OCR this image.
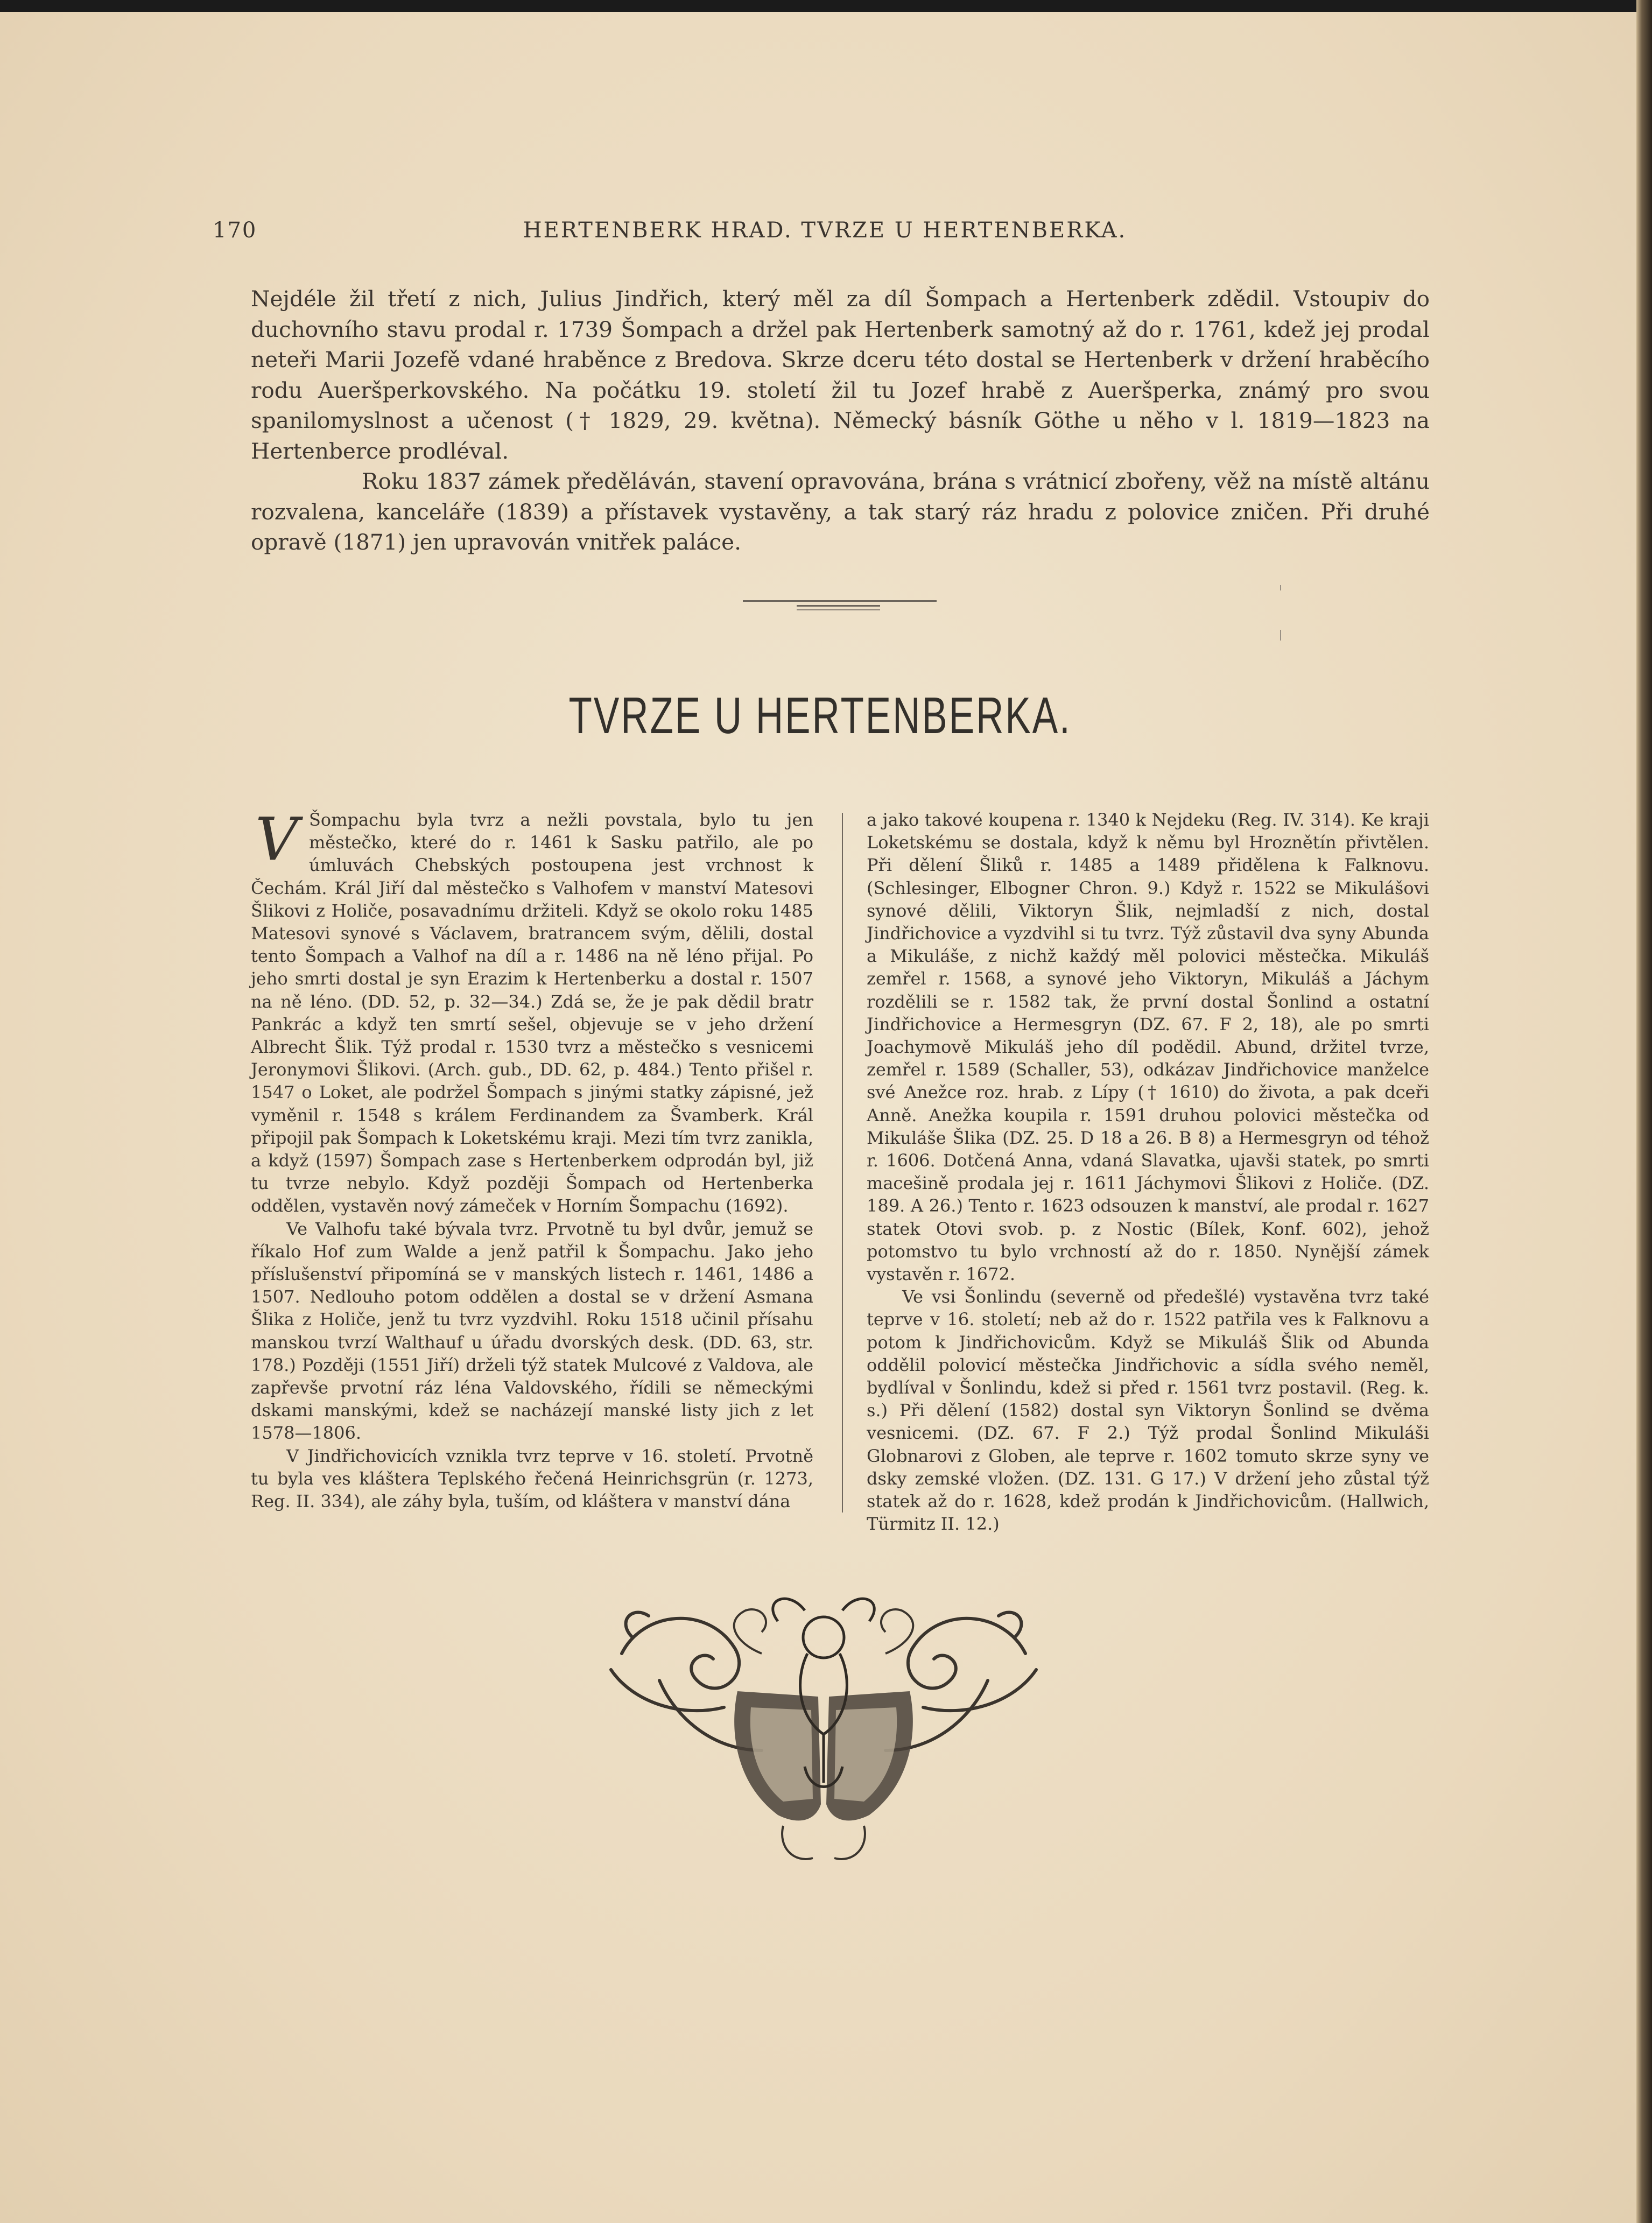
170	HERTENBERK HRAD. TVRZE U HERTENBERKA.

Nejdéle žil třetí z nich, Julius Jindřich, který měl za díl Šompach a Hertenberk zdědil. Vstoupiv do duchovního stavu prodal r. 1739 Šompach a držel pak Hertenberk samotný až do r. 1761, kdež jej prodal neteři Marii Jozefě vdané hraběnce z Bredova. Skrze dceru této dostal se Hertenberk v držení hraběcího rodu Aueršperkovského. Na počátku 19. století žil tu Jozef hrabě z Aueršperka, známý pro svou spanilomyslnost a učenost († 1829, 29. května). Německý básník Göthe u něho v l. 1819—1823 na Hertenberce prodléval.

Roku 1837 zámek předěláván, stavení opravována, brána s vrátnicí zbořeny, věž na místě altánu rozvalena, kanceláře (1839) a přístavek vystavěny, a tak starý ráz hradu z polovice zničen. Při druhé opravě (1871) jen upravován vnitřek paláce.

TVRZE U HERTENBERKA.
V Šompachu byla tvrz a nežli povstala, bylo tu jen městečko, které do r. 1461 k Sasku patřilo, ale po úmluvách Chebských postoupena jest vrchnost k Čechám. Král Jiří dal městečko s Valhofem v manství Matesovi Šlikovi z Holiče, posavadnímu držiteli. Když se okolo roku 1485 Matesovi synové s Václavem, bratrancem svým, dělili, dostal tento Šompach a Valhof na díl a r. 1486 na ně léno přijal. Po jeho smrti dostal je syn Erazim k Hertenberku a dostal r. 1507 na ně léno. (DD. 52, p. 32—34.) Zdá se, že je pak dědil bratr Pankrác a když ten smrtí sešel, objevuje se v jeho držení Albrecht Šlik. Týž prodal r. 1530 tvrz a městečko s vesnicemi Jeronymovi Šlikovi. (Arch. gub., DD. 62, p. 484.) Tento přišel r. 1547 o Loket, ale podržel Šompach s jinými statky zápisné, jež vyměnil r. 1548 s králem Ferdinandem za Švamberk. Král připojil pak Šompach k Loketskému kraji. Mezi tím tvrz zanikla, a když (1597) Šompach zase s Hertenberkem odprodán byl, již tu tvrze nebylo. Když později Šompach od Hertenberka oddělen, vystavěn nový zámeček v Horním Šompachu (1692).

Ve Valhofu také bývala tvrz. Prvotně tu byl dvůr, jemuž se říkalo Hof zum Walde a jenž patřil k Šompachu. Jako jeho příslušenství připomíná se v manských listech r. 1461, 1486 a 1507. Nedlouho potom oddělen a dostal se v držení Asmana Šlika z Holiče, jenž tu tvrz vyzdvihl. Roku 1518 učinil přísahu manskou tvrzí Walthauf u úřadu dvorských desk. (DD. 63, str. 178.) Později (1551 Jiří) drželi týž statek Mulcové z Valdova, ale zapřevše prvotní ráz léna Valdovského, řídili se německými dskami manskými, kdež se nacházejí manské listy jich z let 1578—1806.

V Jindřichovicích vznikla tvrz teprve v 16. století. Prvotně tu byla ves kláštera Teplského řečená Heinrichsgrün (r. 1273, Reg. II. 334), ale záhy byla, tuším, od kláštera v manství dána

a jako takové koupena r. 1340 k Nejdeku (Reg. IV. 314). Ke kraji Loketskému se dostala, když k němu byl Hroznětín přivtělen. Při dělení Šliků r. 1485 a 1489 přidělena k Falknovu. (Schlesinger, Elbogner Chron. 9.) Když r. 1522 se Mikulášovi synové dělili, Viktoryn Šlik, nejmladší z nich, dostal Jindřichovice a vyzdvihl si tu tvrz. Týž zůstavil dva syny Abunda a Mikuláše, z nichž každý měl polovici městečka. Mikuláš zemřel r. 1568, a synové jeho Viktoryn, Mikuláš a Jáchym rozdělili se r. 1582 tak, že první dostal Šonlind a ostatní Jindřichovice a Hermesgryn (DZ. 67. F 2, 18), ale po smrti Joachymově Mikuláš jeho díl podědil. Abund, držitel tvrze, zemřel r. 1589 (Schaller, 53), odkázav Jindřichovice manželce své Anežce roz. hrab. z Lípy († 1610) do života, a pak dceři Anně. Anežka koupila r. 1591 druhou polovici městečka od Mikuláše Šlika (DZ. 25. D 18 a 26. B 8) a Hermesgryn od téhož r. 1606. Dotčená Anna, vdaná Slavatka, ujavši statek, po smrti macešině prodala jej r. 1611 Jáchymovi Šlikovi z Holiče. (DZ. 189. A 26.) Tento r. 1623 odsouzen k manství, ale prodal r. 1627 statek Otovi svob. p. z Nostic (Bílek, Konf. 602), jehož potomstvo tu bylo vrchností až do r. 1850. Nynější zámek vystavěn r. 1672.

Ve vsi Šonlindu (severně od předešlé) vystavěna tvrz také teprve v 16. století; neb až do r. 1522 patřila ves k Falknovu a potom k Jindřichovicům. Když se Mikuláš Šlik od Abunda oddělil polovicí městečka Jindřichovic a sídla svého neměl, bydlíval v Šonlindu, kdež si před r. 1561 tvrz postavil. (Reg. k. s.) Při dělení (1582) dostal syn Viktoryn Šonlind se dvěma vesnicemi. (DZ. 67. F 2.) Týž prodal Šonlind Mikuláši Globnarovi z Globen, ale teprve r. 1602 tomuto skrze syny ve dsky zemské vložen. (DZ. 131. G 17.) V držení jeho zůstal týž statek až do r. 1628, kdež prodán k Jindřichovicům. (Hallwich, Türmitz II. 12.)
